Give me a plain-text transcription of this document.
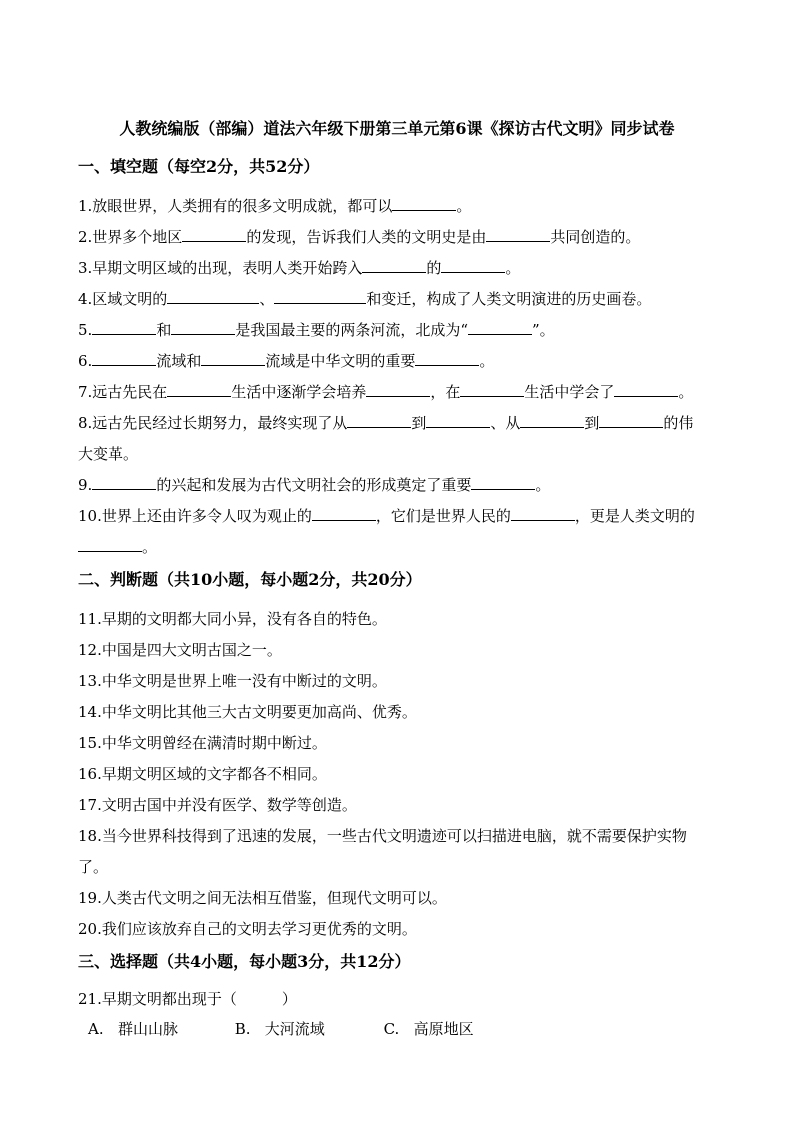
人教统编版（部编）道法六年级下册第三单元第6课《探访古代文明》同步试卷
一、填空题（每空2分，共52分）
1.放眼世界，人类拥有的很多文明成就，都可以	。
2.世界多个地区	的发现，告诉我们人类的文明史是由	共同创造的。
3.早期文明区域的出现，表明人类开始跨入	的	。
4.区域文明的	、	和变迁，构成了人类文明演进的历史画卷。
5.	和	是我国最主要的两条河流，北成为“	”。
6.	流域和	流域是中华文明的重要	。
7.远古先民在	生活中逐渐学会培养	，在	生活中学会了	。
8.远古先民经过长期努力，最终实现了从	到	、从	到	的伟
大变革。
9.	的兴起和发展为古代文明社会的形成奠定了重要	。
10.世界上还由许多令人叹为观止的	，它们是世界人民的	，更是人类文明的
。
二、判断题（共10小题，每小题2分，共20分）
11.早期的文明都大同小异，没有各自的特色。
12.中国是四大文明古国之一。
13.中华文明是世界上唯一没有中断过的文明。
14.中华文明比其他三大古文明要更加高尚、优秀。
15.中华文明曾经在满清时期中断过。
16.早期文明区域的文字都各不相同。
17.文明古国中并没有医学、数学等创造。
18.当今世界科技得到了迅速的发展，一些古代文明遗迹可以扫描进电脑，就不需要保护实物
了。
19.人类古代文明之间无法相互借鉴，但现代文明可以。
20.我们应该放弃自己的文明去学习更优秀的文明。
三、选择题（共4小题，每小题3分，共12分）
21.早期文明都出现于（　　　）
A. 群山山脉	B. 大河流域	C. 高原地区
